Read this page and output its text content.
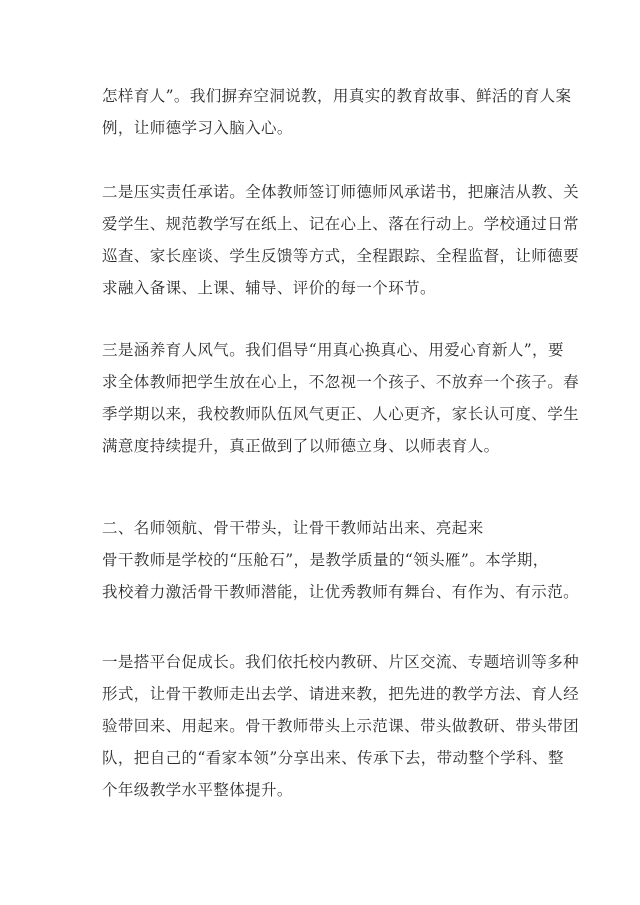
怎样育人”。我们摒弃空洞说教，用真实的教育故事、鲜活的育人案
例，让师德学习入脑入心。
二是压实责任承诺。全体教师签订师德师风承诺书，把廉洁从教、关
爱学生、规范教学写在纸上、记在心上、落在行动上。学校通过日常
巡查、家长座谈、学生反馈等方式，全程跟踪、全程监督，让师德要
求融入备课、上课、辅导、评价的每一个环节。
三是涵养育人风气。我们倡导“用真心换真心、用爱心育新人”，要
求全体教师把学生放在心上，不忽视一个孩子、不放弃一个孩子。春
季学期以来，我校教师队伍风气更正、人心更齐，家长认可度、学生
满意度持续提升，真正做到了以师德立身、以师表育人。
二、名师领航、骨干带头，让骨干教师站出来、亮起来
骨干教师是学校的“压舱石”，是教学质量的“领头雁”。本学期，
我校着力激活骨干教师潜能，让优秀教师有舞台、有作为、有示范。
一是搭平台促成长。我们依托校内教研、片区交流、专题培训等多种
形式，让骨干教师走出去学、请进来教，把先进的教学方法、育人经
验带回来、用起来。骨干教师带头上示范课、带头做教研、带头带团
队，把自己的“看家本领”分享出来、传承下去，带动整个学科、整
个年级教学水平整体提升。
